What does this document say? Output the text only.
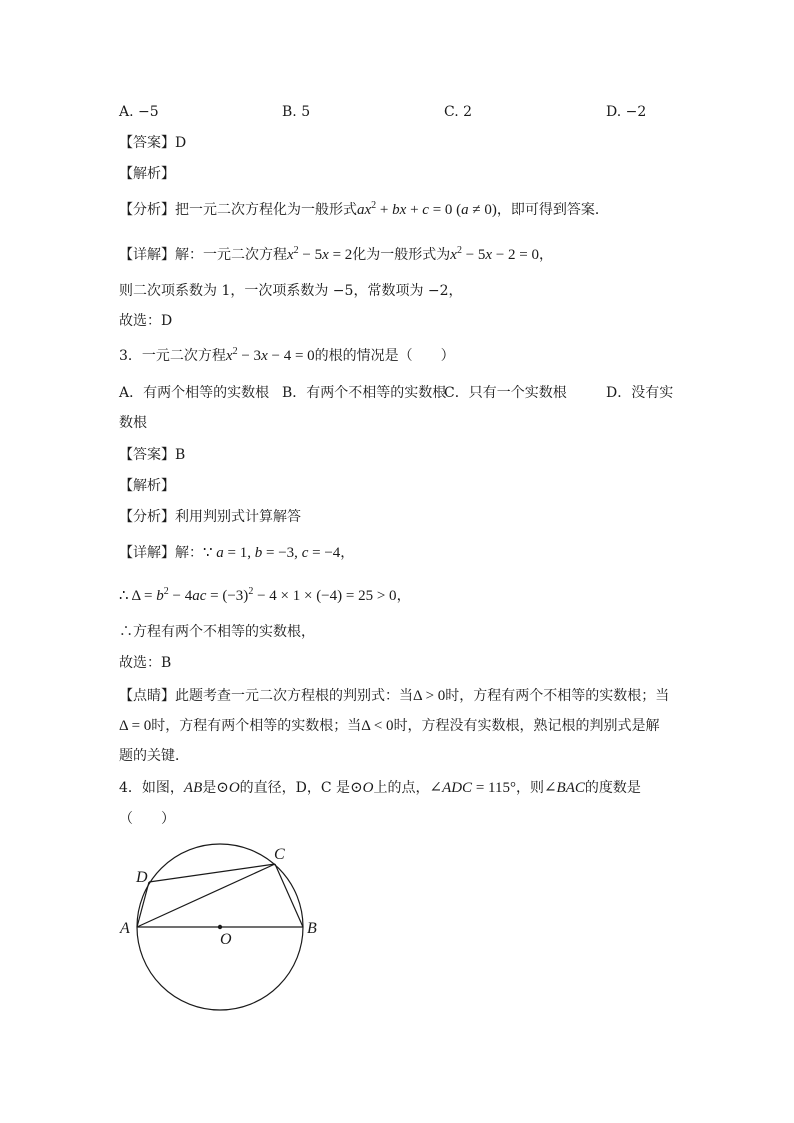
A. −5	B. 5	C. 2	D. −2
【答案】D
【解析】
【分析】把一元二次方程化为一般形式$ax^2$ + bx + c = 0 (a ≠ 0)，即可得到答案．
【详解】解：一元二次方程$x^2 - 5x = 2$化为一般形式为$x^2 - 5x - 2 = 0$，
则二次项系数为 1，一次项系数为 −5，常数项为 −2，
故选：D
3．一元二次方程$x^2 - 3x - 4 = 0$的根的情况是（　　）
A．有两个相等的实数根 B．有两个不相等的实数根
C．只有一个实数根	D．没有实
数根
【答案】B
【解析】
【分析】利用判别式计算解答
【详解】解：∵ a = 1, b = −3, c = −4，
∴ $\Delta = b^2 - 4ac = (-3)^2 - 4 \times 1 \times (-4) = 25 > 0$，
∴方程有两个不相等的实数根，
故选：B
【点睛】此题考查一元二次方程根的判别式：当Δ > 0时，方程有两个不相等的实数根；当
Δ = 0时，方程有两个相等的实数根；当Δ < 0时，方程没有实数根，熟记根的判别式是解
题的关键．
4．如图，AB是⊙O的直径，D，C 是⊙O上的点，∠ADC = 115°，则∠BAC的度数是
（　　）
A	B
C
D
O
